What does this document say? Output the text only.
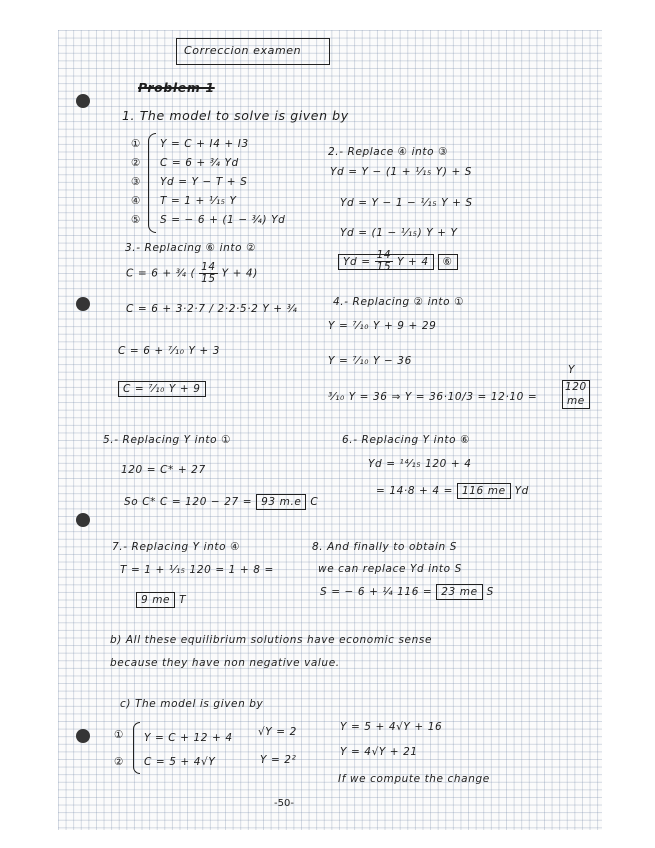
Correccion examen
Problem 1
1. The model to solve is given by
① Y = C + I4 + I3
② C = 6 + ¾ Yd
③ Yd = Y − T + S
④ T = 1 + ¹⁄₁₅ Y
⑤ S = − 6 + (1 − ¾) Yd
2.- Replace ④ into ③
Yd = Y − (1 + ¹⁄₁₅ Y) + S
Yd = Y − 1 − ¹⁄₁₅ Y + S
Yd = (1 − ¹⁄₁₅) Y + Y
$Yd = \frac{14}{15}$ Y + 4 ⑥
3.- Replacing ⑥ into ②
C = 6 + ¾ ( $\frac{14}{15}$ Y + 4)
C = 6 + 3·2·7 / 2·2·5·2 Y + ¾
C = 6 + ⁷⁄₁₀ Y + 3
C = ⁷⁄₁₀ Y + 9
4.- Replacing ② into ①
Y = ⁷⁄₁₀ Y + 9 + 29
Y = ⁷⁄₁₀ Y − 36
Y
³⁄₁₀ Y = 36 ⇒ Y = 36·10/3 = 12·10 =
120
me
5.- Replacing Y into ①
120 = C* + 27
So C* C = 120 − 27 = 93 m.e C
6.- Replacing Y into ⑥
Yd = ¹⁴⁄₁₅ 120 + 4
= 14·8 + 4 = 116 me Yd
7.- Replacing Y into ④
T = 1 + ¹⁄₁₅ 120 = 1 + 8 =
9 me T
8. And finally to obtain S
we can replace Yd into S
S = − 6 + ¼ 116 = 23 me S
b) All these equilibrium solutions have economic sense
because they have non negative value.
c) The model is given by
① Y = C + 12 + 4
② C = 5 + 4√Y
√Y = 2
Y = 2²
Y = 5 + 4√Y + 16
Y = 4√Y + 21
If we compute the change
-50-
